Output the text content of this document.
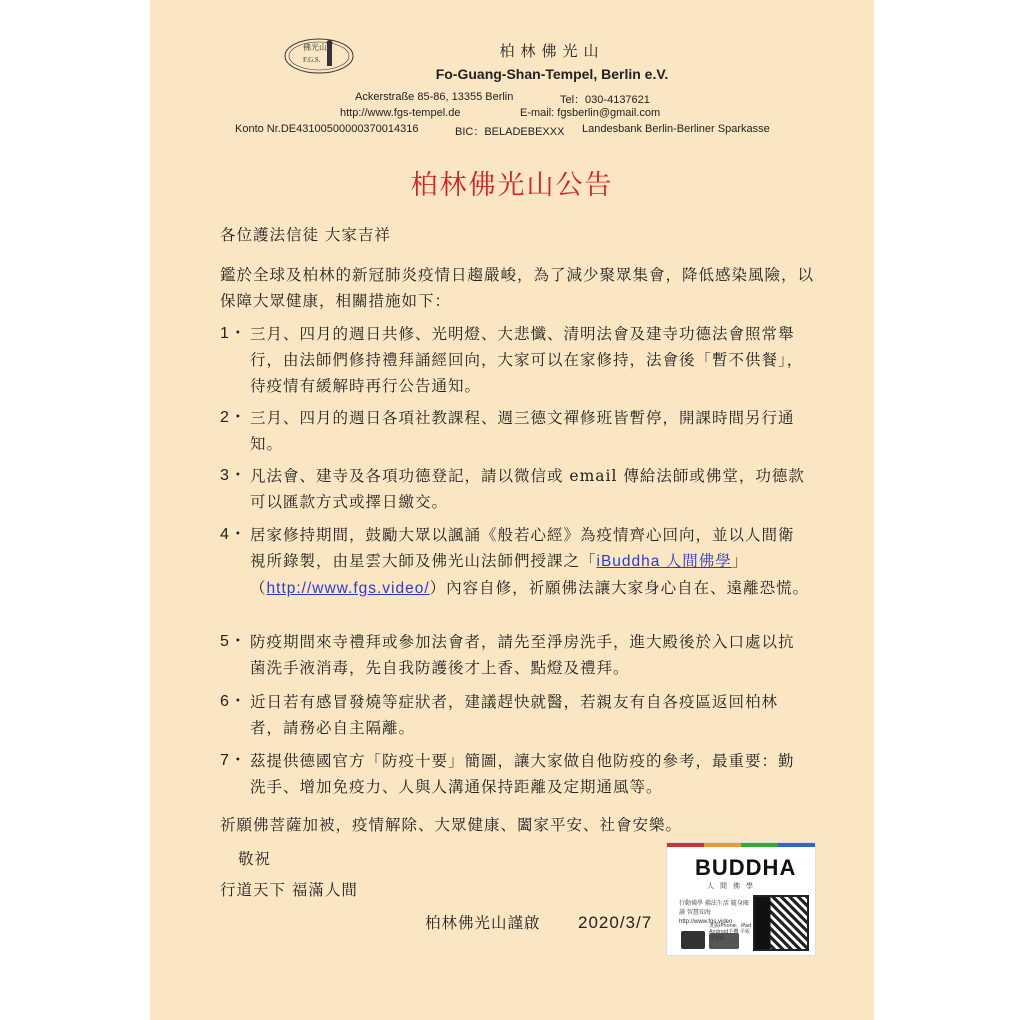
佛光山
F.G.S.	柏林佛光山
Fo-Guang-Shan-Tempel, Berlin e.V.
Ackerstraße 85-86, 13355 Berlin	Tel：030-4137621
http://www.fgs-tempel.de	E-mail: fgsberlin@gmail.com
Konto Nr.DE43100500000370014316	BIC：BELADEBEXXX Landesbank Berlin-Berliner Sparkasse
柏林佛光山公告
各位護法信徒 大家吉祥
鑑於全球及柏林的新冠肺炎疫情日趨嚴峻，為了減少聚眾集會，降低感染風險，以保障大眾健康，相關措施如下：
1・ 三月、四月的週日共修、光明燈、大悲懺、清明法會及建寺功德法會照常舉行，由法師們修持禮拜誦經回向，大家可以在家修持，法會後「暫不供餐」，待疫情有緩解時再行公告通知。
2・ 三月、四月的週日各項社教課程、週三德文禪修班皆暫停，開課時間另行通知。
3・ 凡法會、建寺及各項功德登記，請以微信或 email 傳給法師或佛堂，功德款可以匯款方式或擇日繳交。
4・ 居家修持期間，鼓勵大眾以諷誦《般若心經》為疫情齊心回向，並以人間衛視所錄製，由星雲大師及佛光山法師們授課之「iBuddha 人間佛學」（http://www.fgs.video/）內容自修，祈願佛法讓大家身心自在、遠離恐慌。
5・ 防疫期間來寺禮拜或參加法會者，請先至淨房洗手，進大殿後於入口處以抗菌洗手液消毒，先自我防護後才上香、點燈及禮拜。
6・ 近日若有感冒發燒等症狀者，建議趕快就醫，若親友有自各疫區返回柏林者，請務必自主隔離。
7・ 茲提供德國官方「防疫十要」簡圖，讓大家做自他防疫的參考，最重要：勤洗手、增加免疫力、人與人溝通保持距離及定期通風等。
祈願佛菩薩加被，疫情解除、大眾健康、闔家平安、社會安樂。
敬祝
行道天下 福滿人間
柏林佛光山謹啟	2020/3/7
BUDDHA
人間佛學
行動佛學 佛法生活 隨身閱讀 智慧知海
http://www.fgs.video
支援iPhone、iPad Android手機 平板及電腦
